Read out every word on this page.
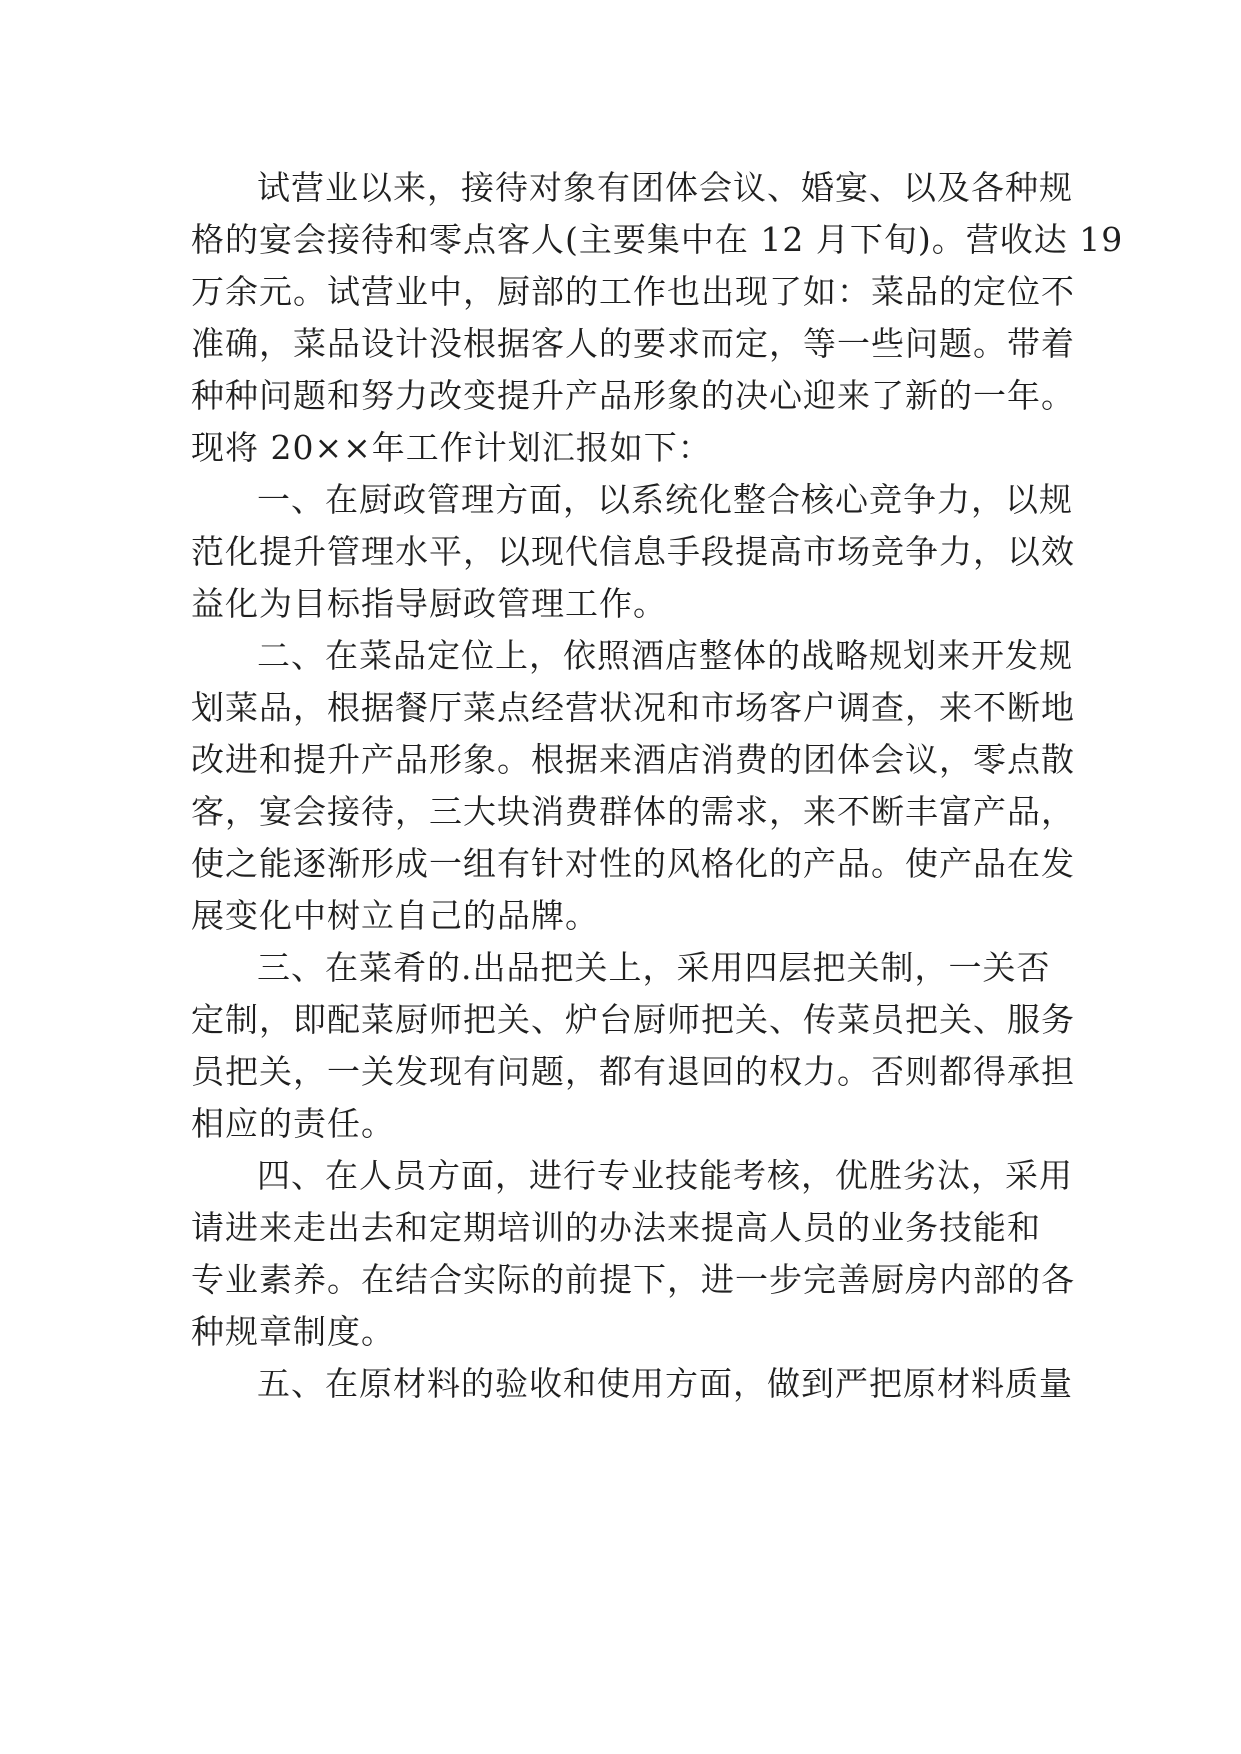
试营业以来，接待对象有团体会议、婚宴、以及各种规
格的宴会接待和零点客人(主要集中在 12 月下旬)。营收达 19
万余元。试营业中，厨部的工作也出现了如：菜品的定位不
准确，菜品设计没根据客人的要求而定，等一些问题。带着
种种问题和努力改变提升产品形象的决心迎来了新的一年。
现将 20××年工作计划汇报如下：
一、在厨政管理方面，以系统化整合核心竞争力，以规
范化提升管理水平，以现代信息手段提高市场竞争力，以效
益化为目标指导厨政管理工作。
二、在菜品定位上，依照酒店整体的战略规划来开发规
划菜品，根据餐厅菜点经营状况和市场客户调查，来不断地
改进和提升产品形象。根据来酒店消费的团体会议，零点散
客，宴会接待，三大块消费群体的需求，来不断丰富产品，
使之能逐渐形成一组有针对性的风格化的产品。使产品在发
展变化中树立自己的品牌。
三、在菜肴的.出品把关上，采用四层把关制，一关否
定制，即配菜厨师把关、炉台厨师把关、传菜员把关、服务
员把关，一关发现有问题，都有退回的权力。否则都得承担
相应的责任。
四、在人员方面，进行专业技能考核，优胜劣汰，采用
请进来走出去和定期培训的办法来提高人员的业务技能和
专业素养。在结合实际的前提下，进一步完善厨房内部的各
种规章制度。
五、在原材料的验收和使用方面，做到严把原材料质量
